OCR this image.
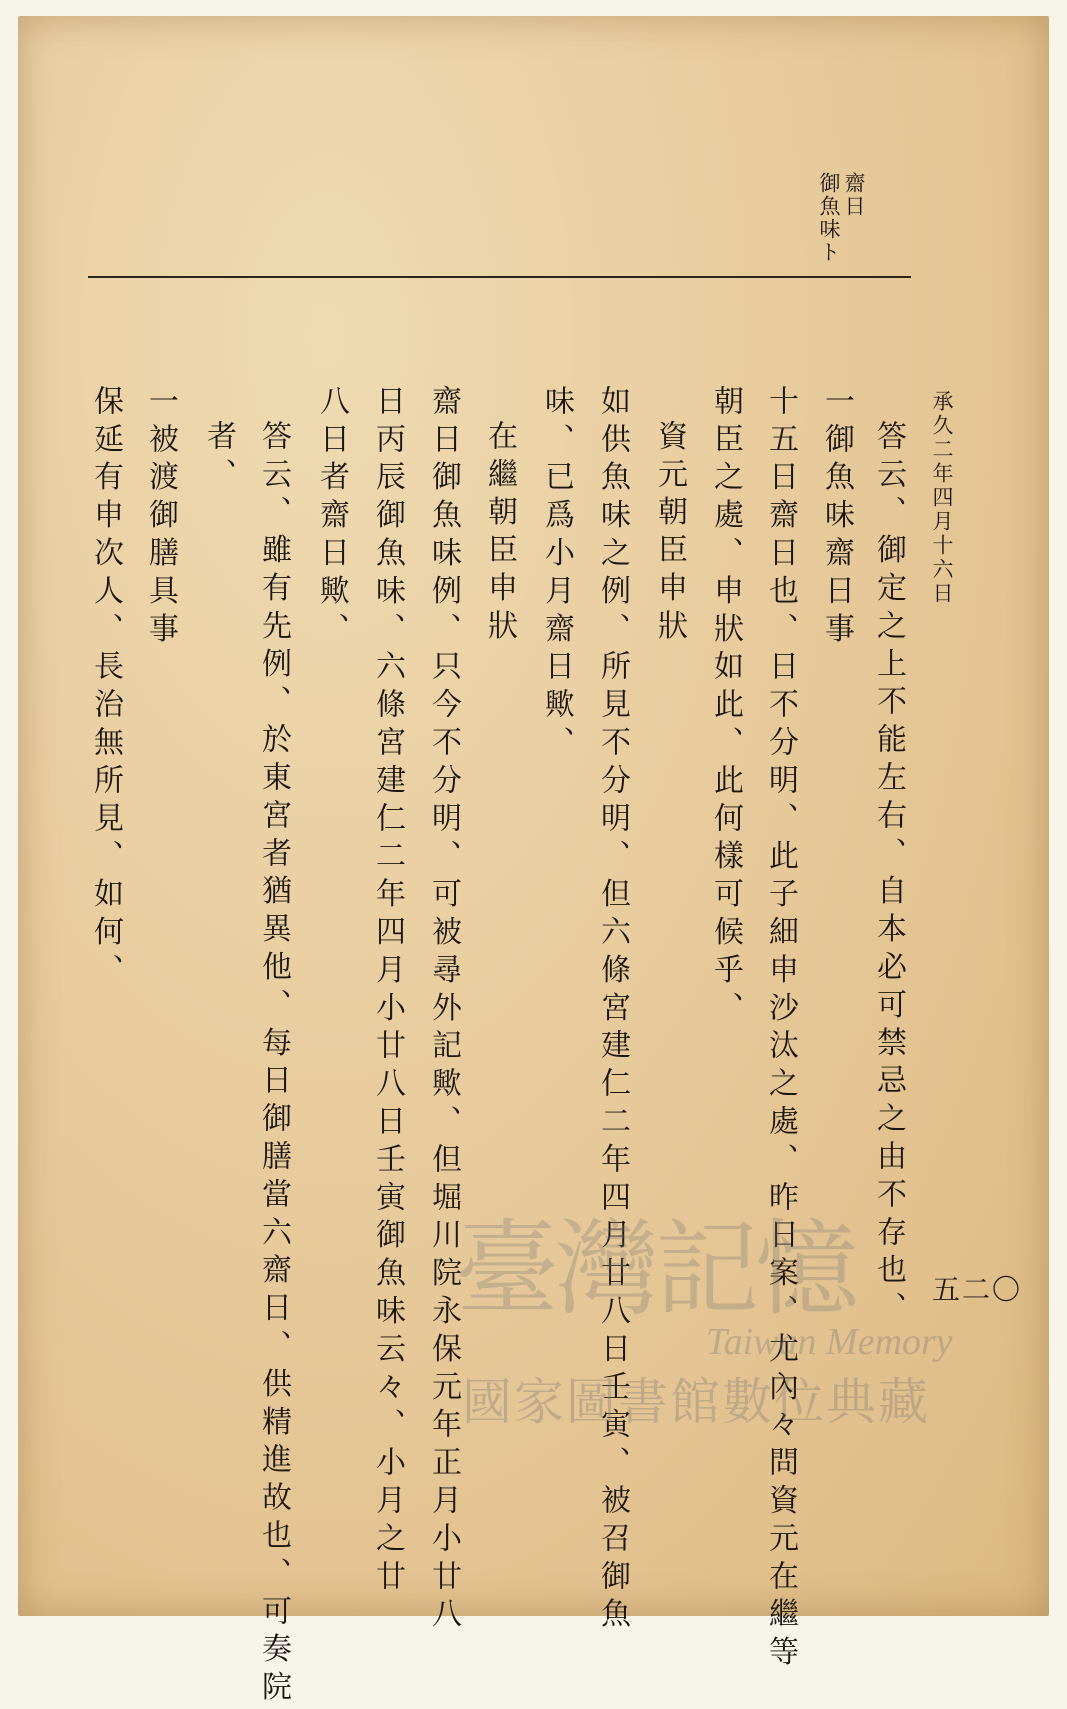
御魚味ト 齋日
承久二年四月十六日
答云、御定之上不能左右、自本必可禁忌之由不存也、
一御魚味齋日事
十五日齋日也、日不分明、此子細申沙汰之處、昨日案、尤內々問資元在繼等
朝臣之處、申狀如此、此何樣可候乎、
資元朝臣申狀
如供魚味之例、所見不分明、但六條宮建仁二年四月廿八日壬寅、被召御魚
味、已爲小月齋日歟、
在繼朝臣申狀
齋日御魚味例、只今不分明、可被尋外記歟、但堀川院永保元年正月小廿八
日丙辰御魚味、六條宮建仁二年四月小廿八日壬寅御魚味云々、小月之廿
八日者齋日歟、
答云、雖有先例、於東宮者猶異他、每日御膳當六齋日、供精進故也、可奏院
者、
一被渡御膳具事
保延有申次人、長治無所見、如何、
五二〇
臺灣記憶
Taiwan Memory
國家圖書館數位典藏
